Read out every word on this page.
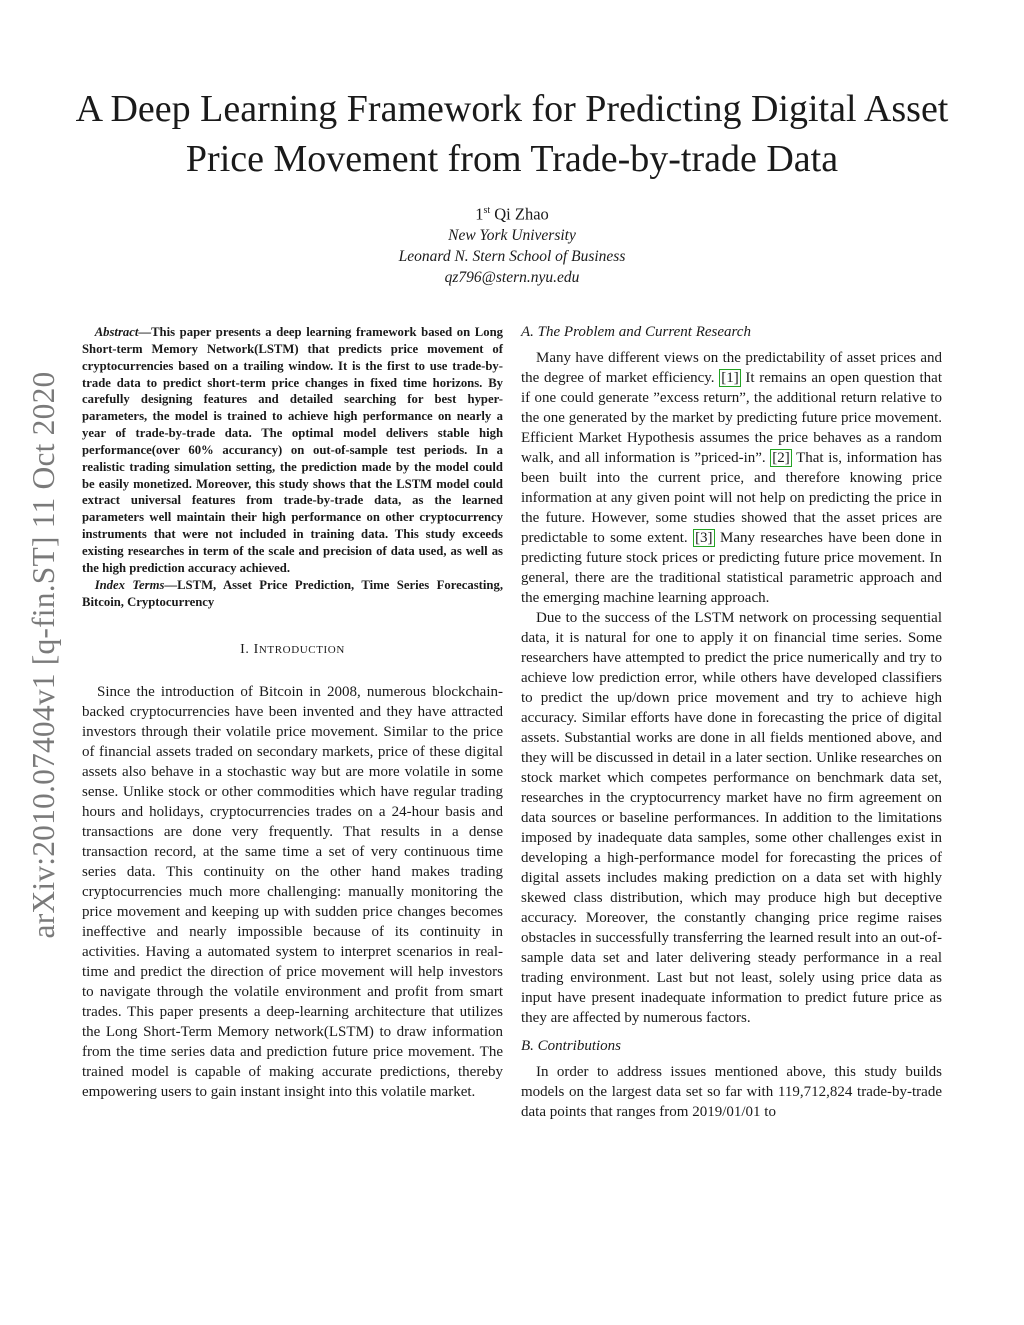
A Deep Learning Framework for Predicting Digital Asset Price Movement from Trade-by-trade Data
1st Qi Zhao
New York University
Leonard N. Stern School of Business
qz796@stern.nyu.edu
arXiv:2010.07404v1 [q-fin.ST] 11 Oct 2020

Abstract—This paper presents a deep learning framework based on Long Short-term Memory Network(LSTM) that predicts price movement of cryptocurrencies based on a trailing window. It is the first to use trade-by-trade data to predict short-term price changes in fixed time horizons. By carefully designing features and detailed searching for best hyper-parameters, the model is trained to achieve high performance on nearly a year of trade-by-trade data. The optimal model delivers stable high performance(over 60% accurancy) on out-of-sample test periods. In a realistic trading simulation setting, the prediction made by the model could be easily monetized. Moreover, this study shows that the LSTM model could extract universal features from trade-by-trade data, as the learned parameters well maintain their high performance on other cryptocurrency instruments that were not included in training data. This study exceeds existing researches in term of the scale and precision of data used, as well as the high prediction accuracy achieved.

Index Terms—LSTM, Asset Price Prediction, Time Series Forecasting, Bitcoin, Cryptocurrency

I. INTRODUCTION

Since the introduction of Bitcoin in 2008, numerous blockchain-backed cryptocurrencies have been invented and they have attracted investors through their volatile price movement. Similar to the price of financial assets traded on secondary markets, price of these digital assets also behave in a stochastic way but are more volatile in some sense. Unlike stock or other commodities which have regular trading hours and holidays, cryptocurrencies trades on a 24-hour basis and transactions are done very frequently. That results in a dense transaction record, at the same time a set of very continuous time series data. This continuity on the other hand makes trading cryptocurrencies much more challenging: manually monitoring the price movement and keeping up with sudden price changes becomes ineffective and nearly impossible because of its continuity in activities. Having a automated system to interpret scenarios in real-time and predict the direction of price movement will help investors to navigate through the volatile environment and profit from smart trades. This paper presents a deep-learning architecture that utilizes the Long Short-Term Memory network(LSTM) to draw information from the time series data and prediction future price movement. The trained model is capable of making accurate predictions, thereby empowering users to gain instant insight into this volatile market.

A. The Problem and Current Research

Many have different views on the predictability of asset prices and the degree of market efficiency. [1] It remains an open question that if one could generate ”excess return”, the additional return relative to the one generated by the market by predicting future price movement. Efficient Market Hypothesis assumes the price behaves as a random walk, and all information is ”priced-in”. [2] That is, information has been built into the current price, and therefore knowing price information at any given point will not help on predicting the price in the future. However, some studies showed that the asset prices are predictable to some extent. [3] Many researches have been done in predicting future stock prices or predicting future price movement. In general, there are the traditional statistical parametric approach and the emerging machine learning approach.

Due to the success of the LSTM network on processing sequential data, it is natural for one to apply it on financial time series. Some researchers have attempted to predict the price numerically and try to achieve low prediction error, while others have developed classifiers to predict the up/down price movement and try to achieve high accuracy. Similar efforts have done in forecasting the price of digital assets. Substantial works are done in all fields mentioned above, and they will be discussed in detail in a later section. Unlike researches on stock market which competes performance on benchmark data set, researches in the cryptocurrency market have no firm agreement on data sources or baseline performances. In addition to the limitations imposed by inadequate data samples, some other challenges exist in developing a high-performance model for forecasting the prices of digital assets includes making prediction on a data set with highly skewed class distribution, which may produce high but deceptive accuracy. Moreover, the constantly changing price regime raises obstacles in successfully transferring the learned result into an out-of-sample data set and later delivering steady performance in a real trading environment. Last but not least, solely using price data as input have present inadequate information to predict future price as they are affected by numerous factors.

B. Contributions

In order to address issues mentioned above, this study builds models on the largest data set so far with 119,712,824 trade-by-trade data points that ranges from 2019/01/01 to
